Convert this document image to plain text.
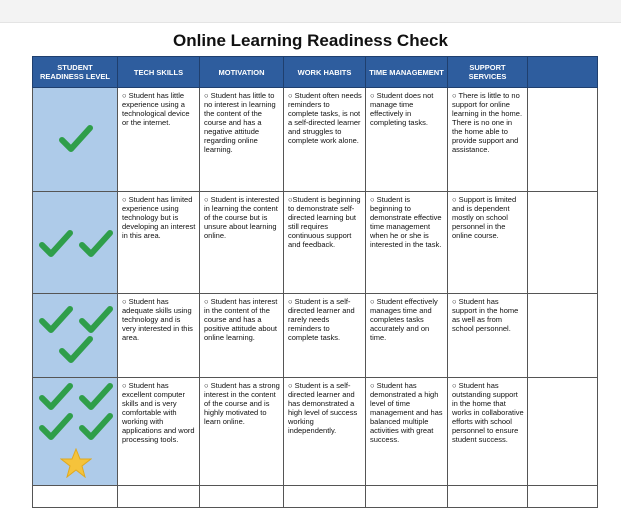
Online Learning Readiness Check
STUDENT READINESS LEVEL	TECH SKILLS	MOTIVATION	WORK HABITS	TIME MANAGEMENT	SUPPORT SERVICES	

	○ Student has little experience using a technological device or the internet.	○ Student has little to no interest in learning the content of the course and has a negative attitude regarding online learning.	○ Student often needs reminders to complete tasks, is not a self-directed learner and struggles to complete work alone.	○ Student does not manage time effectively in completing tasks.	○ There is little to no support for online learning in the home. There is no one in the home able to provide support and assistance.	

	○ Student has limited experience using technology but is developing an interest in this area.	○ Student is interested in learning the content of the course but is unsure about learning online.	○Student is beginning to demonstrate self-directed learning but still requires continuous support and feedback.	○ Student is beginning to demonstrate effective time management when he or she is interested in the task.	○ Support is limited and is dependent mostly on school personnel in the online course.	

	○ Student has adequate skills using technology and is very interested in this area.	○ Student has interest in the content of the course and has a positive attitude about online learning.	○ Student is a self-directed learner and rarely needs reminders to complete tasks.	○ Student effectively manages time and completes tasks accurately and on time.	○ Student has support in the home as well as from school personnel.	

	○ Student has excellent computer skills and is very comfortable with working with applications and word processing tools.	○ Student has a strong interest in the content of the course and is highly motivated to learn online.	○ Student is a self-directed learner and has demonstrated a high level of success working independently.	○ Student has demonstrated a high level of time management and has balanced multiple activities with great success.	○ Student has outstanding support in the home that works in collaborative efforts with school personnel to ensure student success.	
